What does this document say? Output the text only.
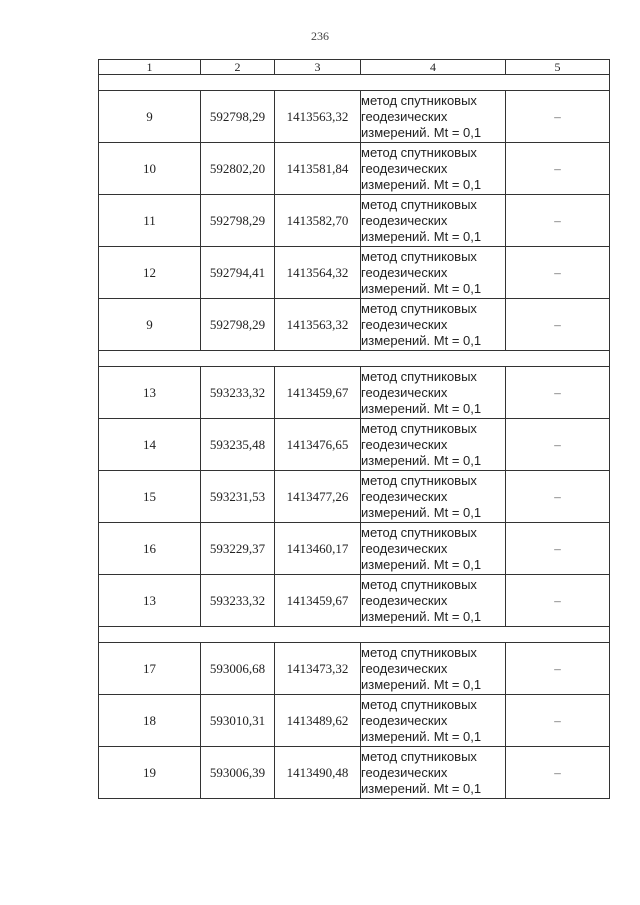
236
1	2	3	4	5

9	592798,29	1413563,32	метод спутниковых
геодезических
измерений. Mt = 0,1	–
10	592802,20	1413581,84	метод спутниковых
геодезических
измерений. Mt = 0,1	–
11	592798,29	1413582,70	метод спутниковых
геодезических
измерений. Mt = 0,1	–
12	592794,41	1413564,32	метод спутниковых
геодезических
измерений. Mt = 0,1	–
9	592798,29	1413563,32	метод спутниковых
геодезических
измерений. Mt = 0,1	–

13	593233,32	1413459,67	метод спутниковых
геодезических
измерений. Mt = 0,1	–
14	593235,48	1413476,65	метод спутниковых
геодезических
измерений. Mt = 0,1	–
15	593231,53	1413477,26	метод спутниковых
геодезических
измерений. Mt = 0,1	–
16	593229,37	1413460,17	метод спутниковых
геодезических
измерений. Mt = 0,1	–
13	593233,32	1413459,67	метод спутниковых
геодезических
измерений. Mt = 0,1	–

17	593006,68	1413473,32	метод спутниковых
геодезических
измерений. Mt = 0,1	–
18	593010,31	1413489,62	метод спутниковых
геодезических
измерений. Mt = 0,1	–
19	593006,39	1413490,48	метод спутниковых
геодезических
измерений. Mt = 0,1	–
